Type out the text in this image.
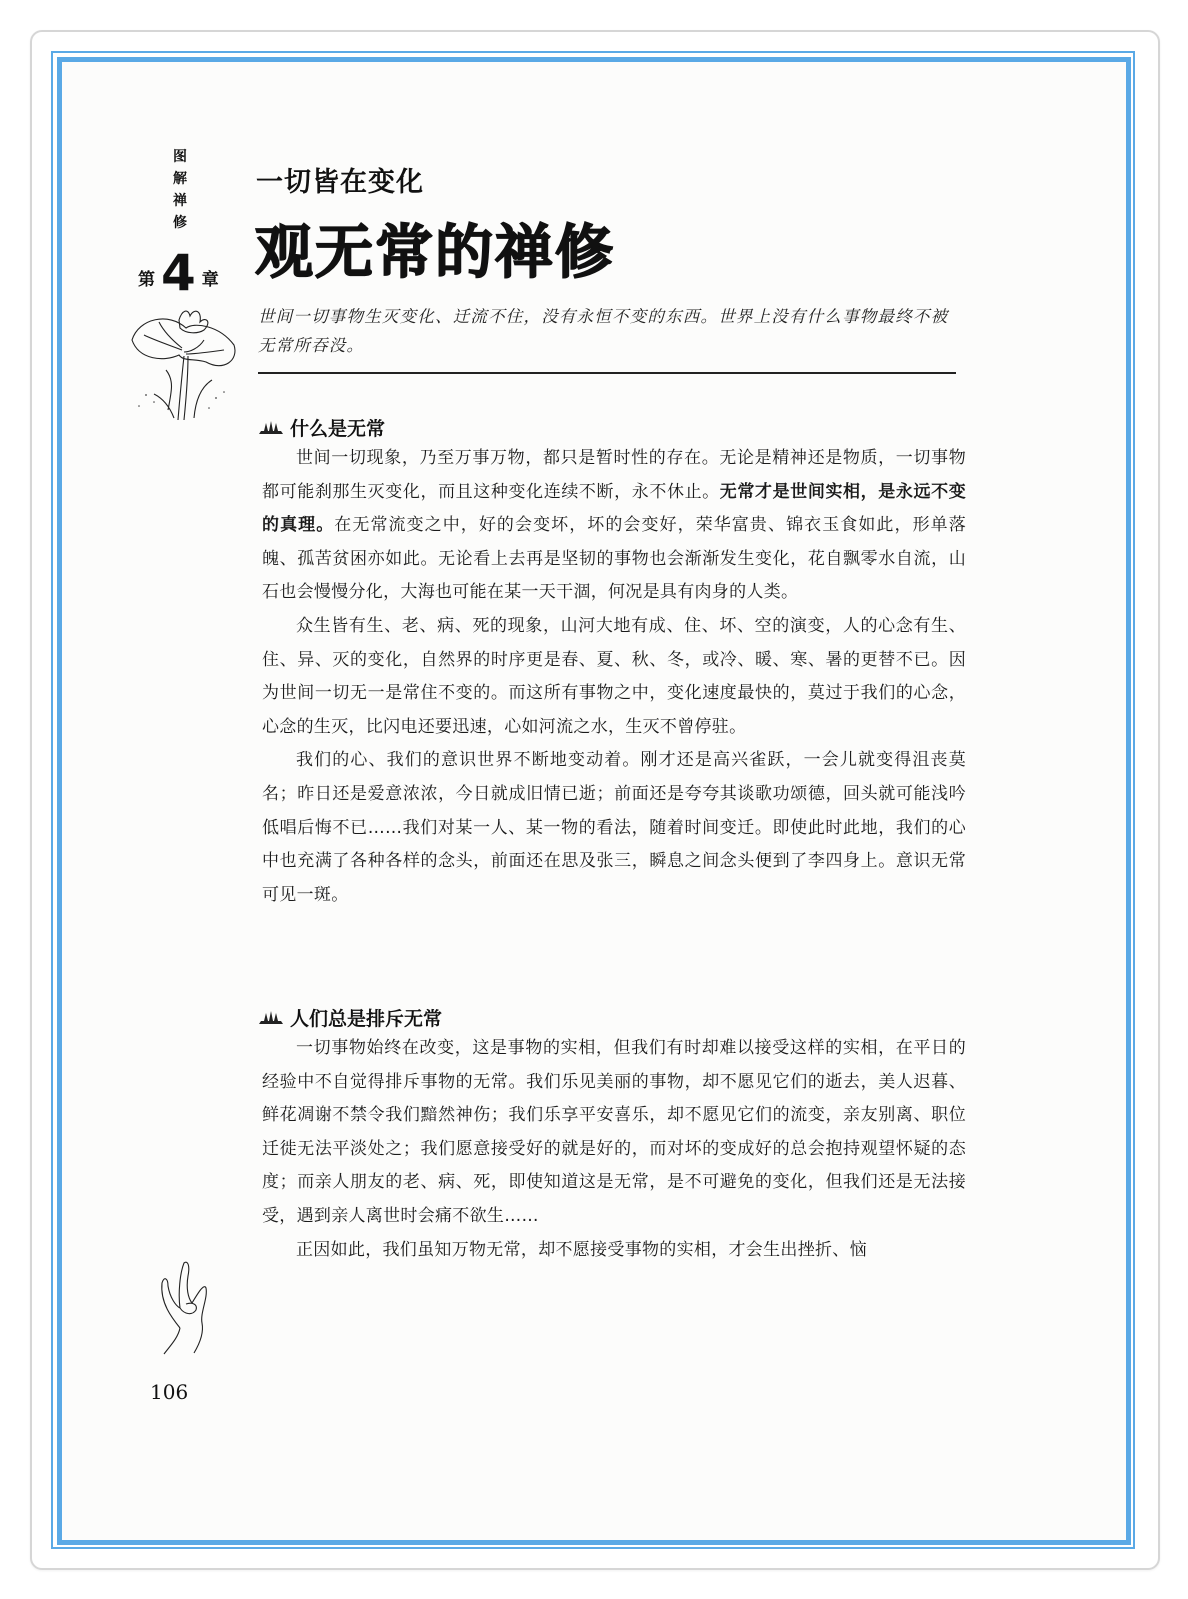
图
解
禅
修
第 4 章
一切皆在变化
观无常的禅修
世间一切事物生灭变化、迁流不住，没有永恒不变的东西。世界上没有什么事物最终不被无常所吞没。
什么是无常

世间一切现象，乃至万事万物，都只是暂时性的存在。无论是精神还是物质，一切事物都可能刹那生灭变化，而且这种变化连续不断，永不休止。无常才是世间实相，是永远不变的真理。在无常流变之中，好的会变坏，坏的会变好，荣华富贵、锦衣玉食如此，形单落魄、孤苦贫困亦如此。无论看上去再是坚韧的事物也会渐渐发生变化，花自飘零水自流，山石也会慢慢分化，大海也可能在某一天干涸，何况是具有肉身的人类。

众生皆有生、老、病、死的现象，山河大地有成、住、坏、空的演变，人的心念有生、住、异、灭的变化，自然界的时序更是春、夏、秋、冬，或冷、暖、寒、暑的更替不已。因为世间一切无一是常住不变的。而这所有事物之中，变化速度最快的，莫过于我们的心念，心念的生灭，比闪电还要迅速，心如河流之水，生灭不曾停驻。

我们的心、我们的意识世界不断地变动着。刚才还是高兴雀跃，一会儿就变得沮丧莫名；昨日还是爱意浓浓，今日就成旧情已逝；前面还是夸夸其谈歌功颂德，回头就可能浅吟低唱后悔不已……我们对某一人、某一物的看法，随着时间变迁。即使此时此地，我们的心中也充满了各种各样的念头，前面还在思及张三，瞬息之间念头便到了李四身上。意识无常可见一斑。

人们总是排斥无常

一切事物始终在改变，这是事物的实相，但我们有时却难以接受这样的实相，在平日的经验中不自觉得排斥事物的无常。我们乐见美丽的事物，却不愿见它们的逝去，美人迟暮、鲜花凋谢不禁令我们黯然神伤；我们乐享平安喜乐，却不愿见它们的流变，亲友别离、职位迁徙无法平淡处之；我们愿意接受好的就是好的，而对坏的变成好的总会抱持观望怀疑的态度；而亲人朋友的老、病、死，即使知道这是无常，是不可避免的变化，但我们还是无法接受，遇到亲人离世时会痛不欲生……

正因如此，我们虽知万物无常，却不愿接受事物的实相，才会生出挫折、恼

106
